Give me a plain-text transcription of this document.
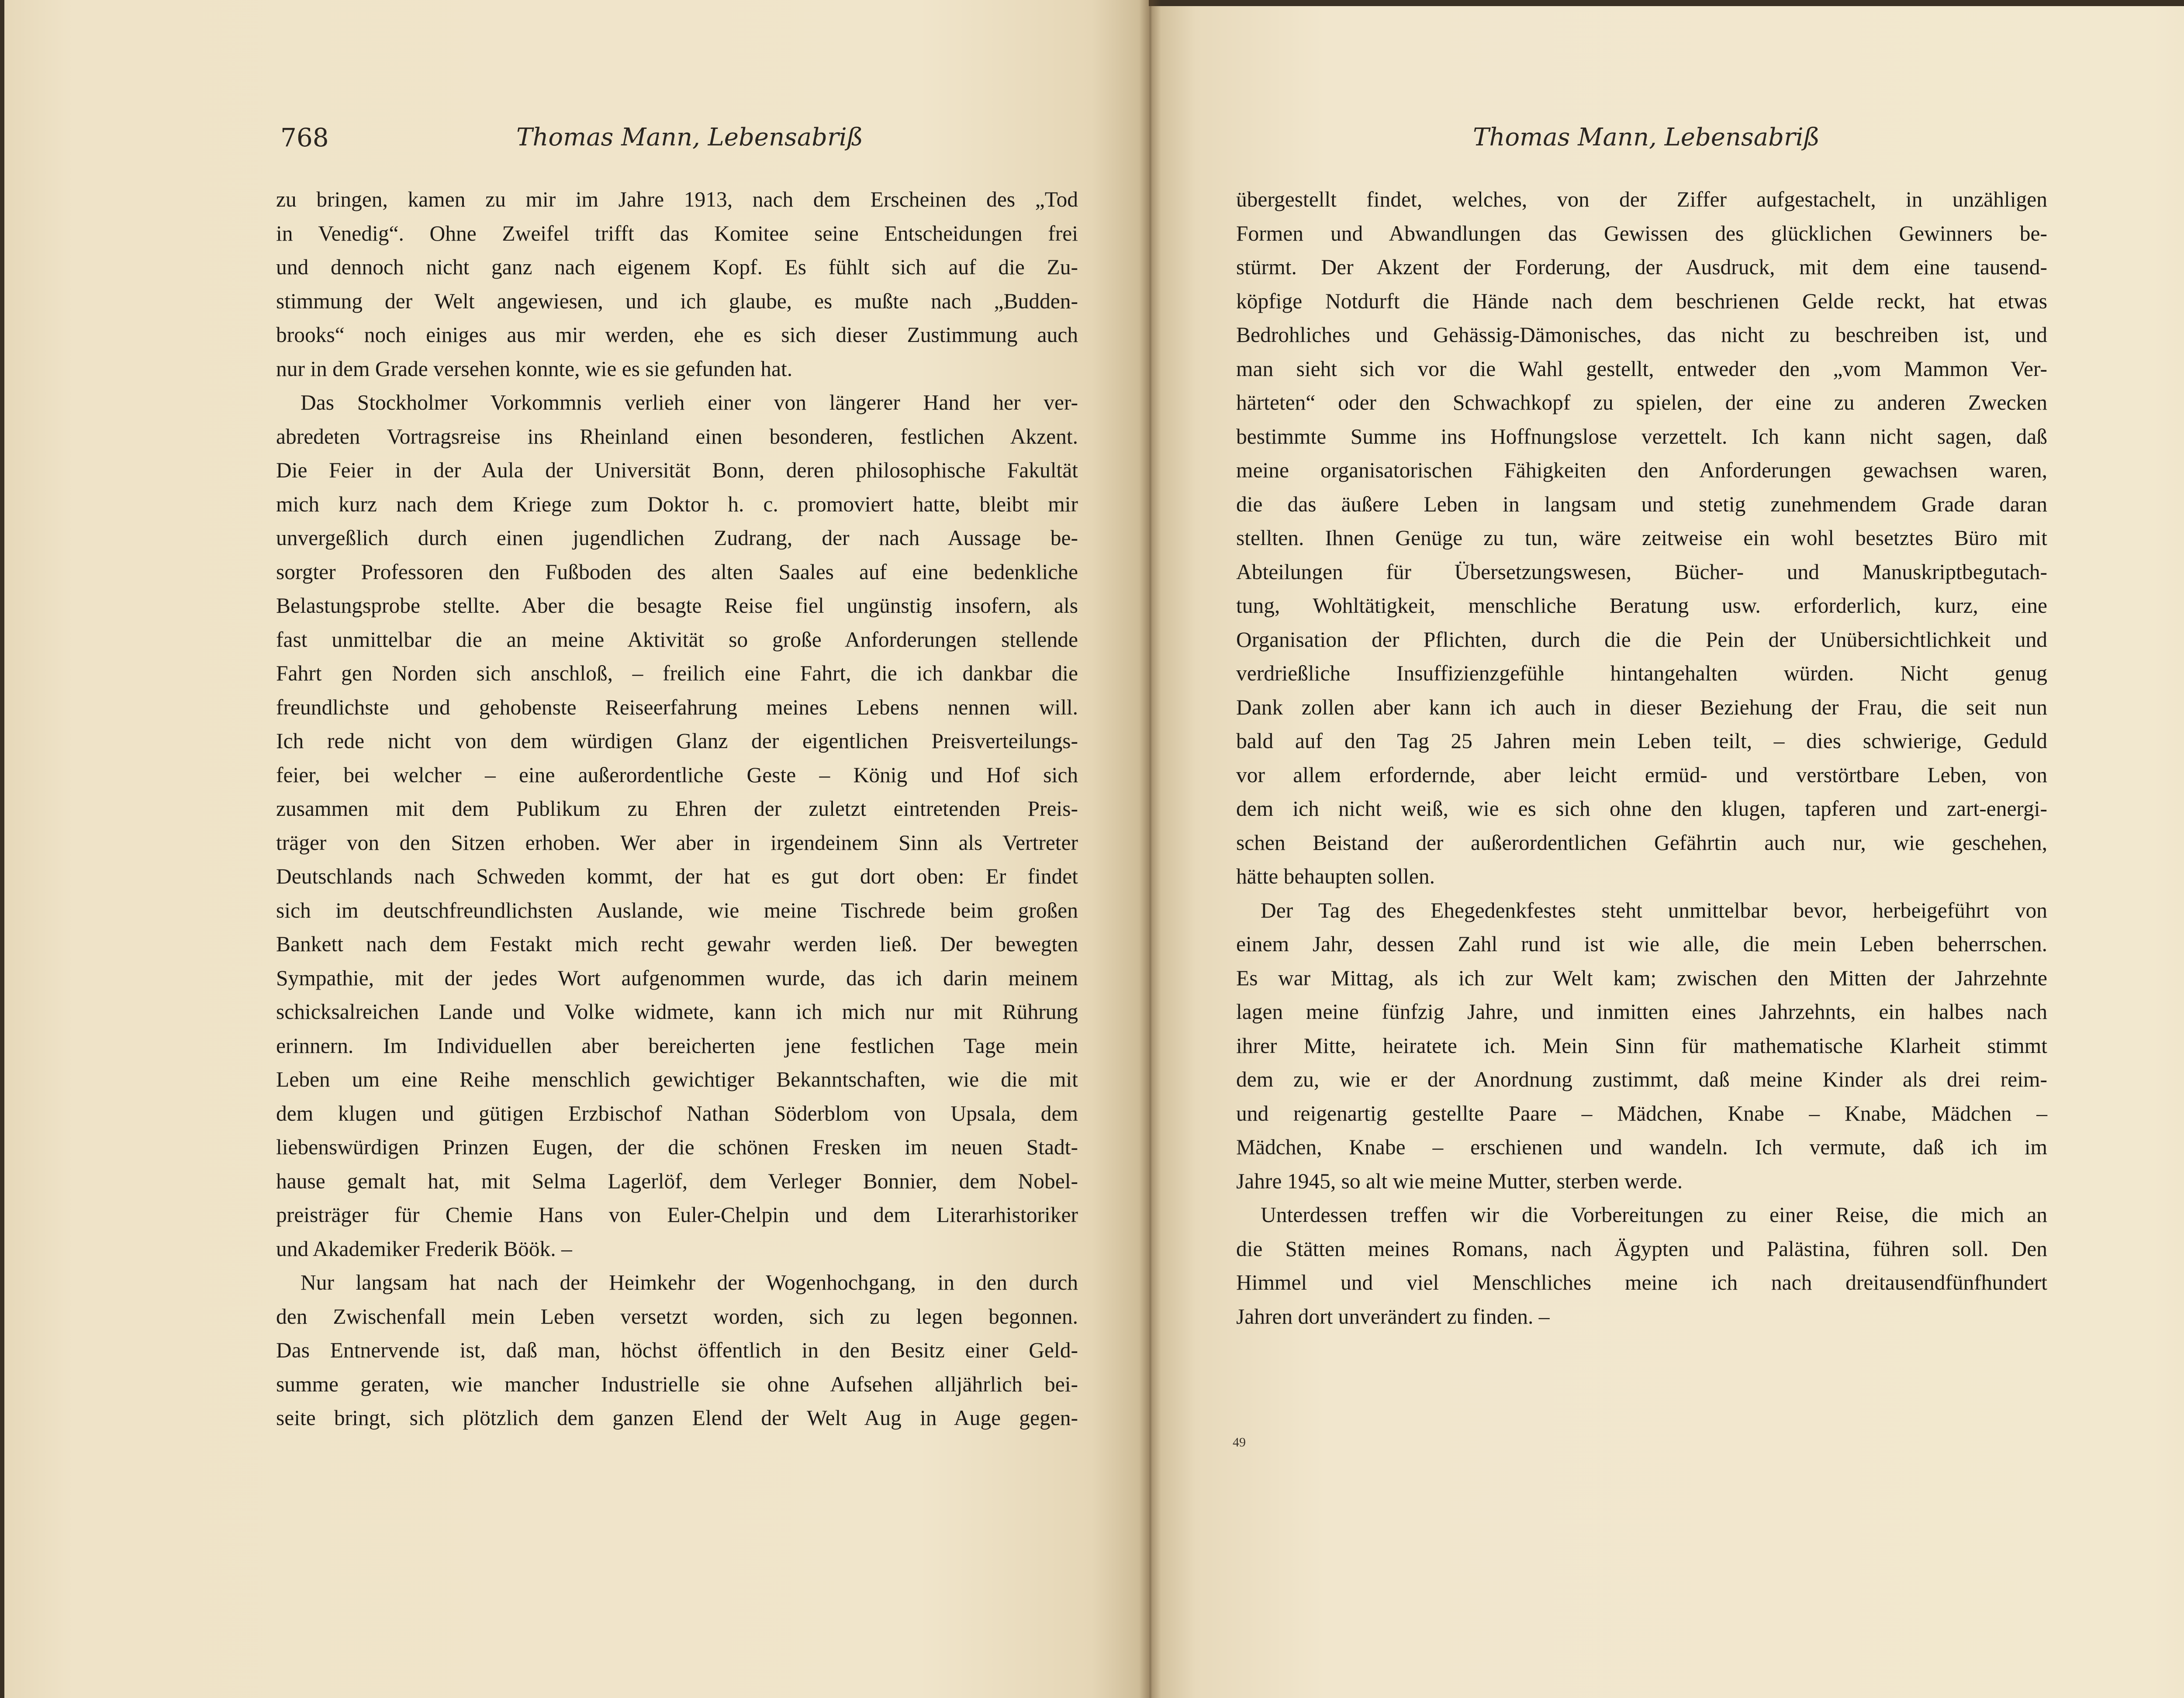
768	Thomas Mann, Lebensabriß
zu bringen, kamen zu mir im Jahre 1913, nach dem Erscheinen des „Tod
in Venedig“. Ohne Zweifel trifft das Komitee seine Entscheidungen frei
und dennoch nicht ganz nach eigenem Kopf. Es fühlt sich auf die Zu-
stimmung der Welt angewiesen, und ich glaube, es mußte nach „Budden-
brooks“ noch einiges aus mir werden, ehe es sich dieser Zustimmung auch
nur in dem Grade versehen konnte, wie es sie gefunden hat.
Das Stockholmer Vorkommnis verlieh einer von längerer Hand her ver-
abredeten Vortragsreise ins Rheinland einen besonderen, festlichen Akzent.
Die Feier in der Aula der Universität Bonn, deren philosophische Fakultät
mich kurz nach dem Kriege zum Doktor h. c. promoviert hatte, bleibt mir
unvergeßlich durch einen jugendlichen Zudrang, der nach Aussage be-
sorgter Professoren den Fußboden des alten Saales auf eine bedenkliche
Belastungsprobe stellte. Aber die besagte Reise fiel ungünstig insofern, als
fast unmittelbar die an meine Aktivität so große Anforderungen stellende
Fahrt gen Norden sich anschloß, – freilich eine Fahrt, die ich dankbar die
freundlichste und gehobenste Reiseerfahrung meines Lebens nennen will.
Ich rede nicht von dem würdigen Glanz der eigentlichen Preisverteilungs-
feier, bei welcher – eine außerordentliche Geste – König und Hof sich
zusammen mit dem Publikum zu Ehren der zuletzt eintretenden Preis-
träger von den Sitzen erhoben. Wer aber in irgendeinem Sinn als Vertreter
Deutschlands nach Schweden kommt, der hat es gut dort oben: Er findet
sich im deutschfreundlichsten Auslande, wie meine Tischrede beim großen
Bankett nach dem Festakt mich recht gewahr werden ließ. Der bewegten
Sympathie, mit der jedes Wort aufgenommen wurde, das ich darin meinem
schicksalreichen Lande und Volke widmete, kann ich mich nur mit Rührung
erinnern. Im Individuellen aber bereicherten jene festlichen Tage mein
Leben um eine Reihe menschlich gewichtiger Bekanntschaften, wie die mit
dem klugen und gütigen Erzbischof Nathan Söderblom von Upsala, dem
liebenswürdigen Prinzen Eugen, der die schönen Fresken im neuen Stadt-
hause gemalt hat, mit Selma Lagerlöf, dem Verleger Bonnier, dem Nobel-
preisträger für Chemie Hans von Euler-Chelpin und dem Literarhistoriker
und Akademiker Frederik Böök. –
Nur langsam hat nach der Heimkehr der Wogenhochgang, in den durch
den Zwischenfall mein Leben versetzt worden, sich zu legen begonnen.
Das Entnervende ist, daß man, höchst öffentlich in den Besitz einer Geld-
summe geraten, wie mancher Industrielle sie ohne Aufsehen alljährlich bei-
seite bringt, sich plötzlich dem ganzen Elend der Welt Aug in Auge gegen-
Thomas Mann, Lebensabriß
übergestellt findet, welches, von der Ziffer aufgestachelt, in unzähligen
Formen und Abwandlungen das Gewissen des glücklichen Gewinners be-
stürmt. Der Akzent der Forderung, der Ausdruck, mit dem eine tausend-
köpfige Notdurft die Hände nach dem beschrienen Gelde reckt, hat etwas
Bedrohliches und Gehässig-Dämonisches, das nicht zu beschreiben ist, und
man sieht sich vor die Wahl gestellt, entweder den „vom Mammon Ver-
härteten“ oder den Schwachkopf zu spielen, der eine zu anderen Zwecken
bestimmte Summe ins Hoffnungslose verzettelt. Ich kann nicht sagen, daß
meine organisatorischen Fähigkeiten den Anforderungen gewachsen waren,
die das äußere Leben in langsam und stetig zunehmendem Grade daran
stellten. Ihnen Genüge zu tun, wäre zeitweise ein wohl besetztes Büro mit
Abteilungen für Übersetzungswesen, Bücher- und Manuskriptbegutach-
tung, Wohltätigkeit, menschliche Beratung usw. erforderlich, kurz, eine
Organisation der Pflichten, durch die die Pein der Unübersichtlichkeit und
verdrießliche Insuffizienzgefühle hintangehalten würden. Nicht genug
Dank zollen aber kann ich auch in dieser Beziehung der Frau, die seit nun
bald auf den Tag 25 Jahren mein Leben teilt, – dies schwierige, Geduld
vor allem erfordernde, aber leicht ermüd- und verstörtbare Leben, von
dem ich nicht weiß, wie es sich ohne den klugen, tapferen und zart-energi-
schen Beistand der außerordentlichen Gefährtin auch nur, wie geschehen,
hätte behaupten sollen.
Der Tag des Ehegedenkfestes steht unmittelbar bevor, herbeigeführt von
einem Jahr, dessen Zahl rund ist wie alle, die mein Leben beherrschen.
Es war Mittag, als ich zur Welt kam; zwischen den Mitten der Jahrzehnte
lagen meine fünfzig Jahre, und inmitten eines Jahrzehnts, ein halbes nach
ihrer Mitte, heiratete ich. Mein Sinn für mathematische Klarheit stimmt
dem zu, wie er der Anordnung zustimmt, daß meine Kinder als drei reim-
und reigenartig gestellte Paare – Mädchen, Knabe – Knabe, Mädchen –
Mädchen, Knabe – erschienen und wandeln. Ich vermute, daß ich im
Jahre 1945, so alt wie meine Mutter, sterben werde.
Unterdessen treffen wir die Vorbereitungen zu einer Reise, die mich an
die Stätten meines Romans, nach Ägypten und Palästina, führen soll. Den
Himmel und viel Menschliches meine ich nach dreitausendfünfhundert
Jahren dort unverändert zu finden. –
49
